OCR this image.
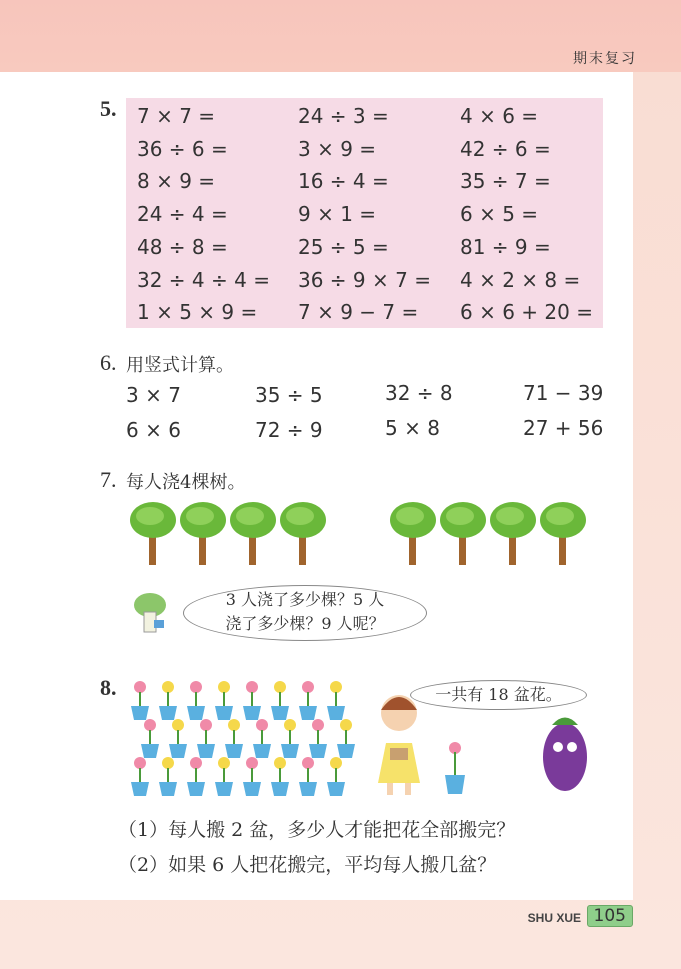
期末复习
5. 7 × 7 =	24 ÷ 3 =	4 × 6 =
36 ÷ 6 =	3 × 9 =	42 ÷ 6 =
8 × 9 =	16 ÷ 4 =	35 ÷ 7 =
24 ÷ 4 =	9 × 1 =	6 × 5 =
48 ÷ 8 =	25 ÷ 5 =	81 ÷ 9 =
32 ÷ 4 ÷ 4 = 36 ÷ 9 × 7 = 4 × 2 × 8 =
1 × 5 × 9 = 7 × 9 − 7 = 6 × 6 + 20 =
6. 用竖式计算。
3 × 7	35 ÷ 5	32 ÷ 8	71 − 39
6 × 6	72 ÷ 9	5 × 8	27 + 56
7. 每人浇4棵树。
3 人浇了多少棵？5 人
浇了多少棵？9 人呢？
8.	一共有 18 盆花。
（1）每人搬 2 盆，多少人才能把花全部搬完？
（2）如果 6 人把花搬完，平均每人搬几盆？
SHU XUE 105
